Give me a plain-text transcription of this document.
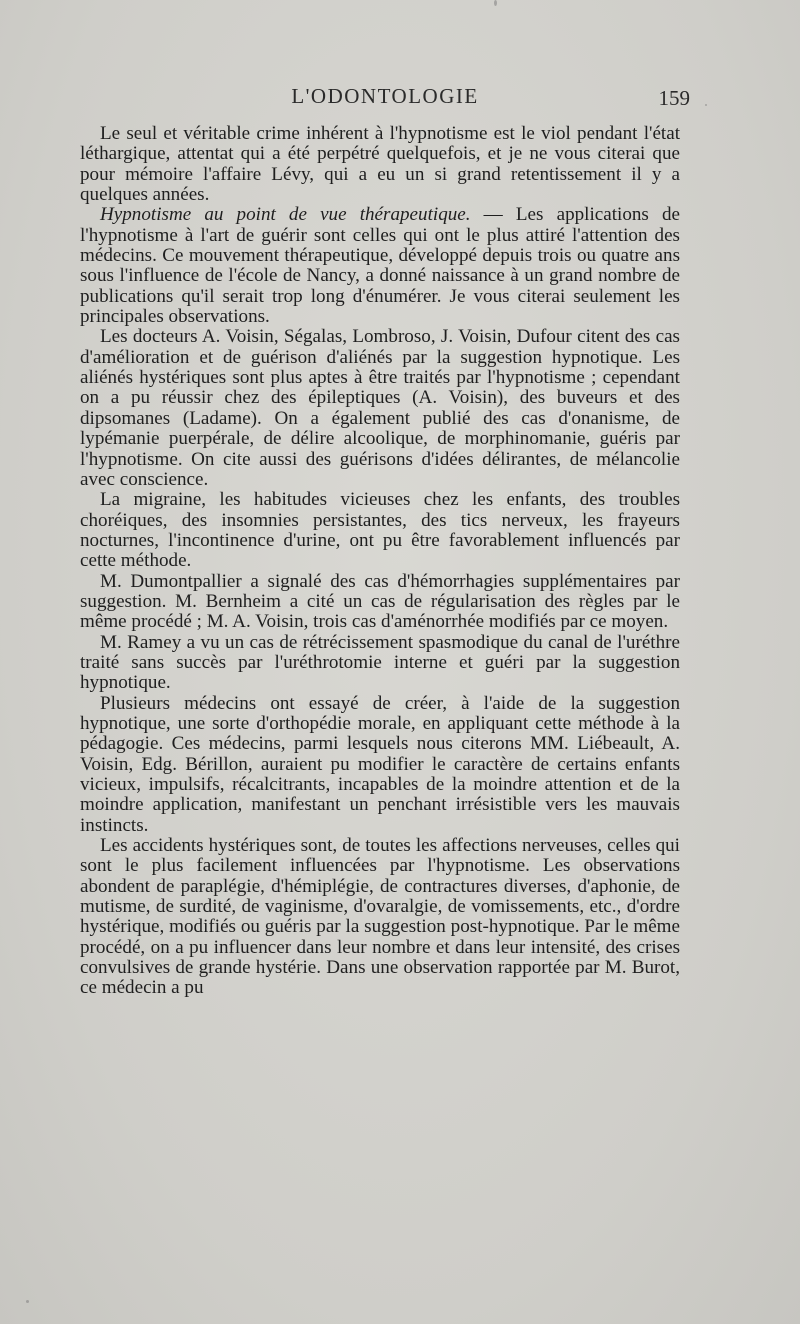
L'ODONTOLOGIE	159

Le seul et véritable crime inhérent à l'hypnotisme est le viol pendant l'état léthargique, attentat qui a été perpétré quelquefois, et je ne vous citerai que pour mémoire l'affaire Lévy, qui a eu un si grand retentissement il y a quelques années.

Hypnotisme au point de vue thérapeutique. — Les applications de l'hypnotisme à l'art de guérir sont celles qui ont le plus attiré l'attention des médecins. Ce mouvement thérapeutique, développé depuis trois ou quatre ans sous l'influence de l'école de Nancy, a donné naissance à un grand nombre de publications qu'il serait trop long d'énumérer. Je vous citerai seulement les principales observations.

Les docteurs A. Voisin, Ségalas, Lombroso, J. Voisin, Dufour citent des cas d'amélioration et de guérison d'aliénés par la suggestion hypnotique. Les aliénés hystériques sont plus aptes à être traités par l'hypnotisme ; cependant on a pu réussir chez des épileptiques (A. Voisin), des buveurs et des dipsomanes (Ladame). On a également publié des cas d'onanisme, de lypémanie puerpérale, de délire alcoolique, de morphinomanie, guéris par l'hypnotisme. On cite aussi des guérisons d'idées délirantes, de mélancolie avec conscience.

La migraine, les habitudes vicieuses chez les enfants, des troubles choréiques, des insomnies persistantes, des tics nerveux, les frayeurs nocturnes, l'incontinence d'urine, ont pu être favorablement influencés par cette méthode.

M. Dumontpallier a signalé des cas d'hémorrhagies supplémentaires par suggestion. M. Bernheim a cité un cas de régularisation des règles par le même procédé ; M. A. Voisin, trois cas d'aménorrhée modifiés par ce moyen.

M. Ramey a vu un cas de rétrécissement spasmodique du canal de l'uréthre traité sans succès par l'uréthrotomie interne et guéri par la suggestion hypnotique.

Plusieurs médecins ont essayé de créer, à l'aide de la suggestion hypnotique, une sorte d'orthopédie morale, en appliquant cette méthode à la pédagogie. Ces médecins, parmi lesquels nous citerons MM. Liébeault, A. Voisin, Edg. Bérillon, auraient pu modifier le caractère de certains enfants vicieux, impulsifs, récalcitrants, incapables de la moindre attention et de la moindre application, manifestant un penchant irrésistible vers les mauvais instincts.

Les accidents hystériques sont, de toutes les affections nerveuses, celles qui sont le plus facilement influencées par l'hypnotisme. Les observations abondent de paraplégie, d'hémiplégie, de contractures diverses, d'aphonie, de mutisme, de surdité, de vaginisme, d'ovaralgie, de vomissements, etc., d'ordre hystérique, modifiés ou guéris par la suggestion post-hypnotique. Par le même procédé, on a pu influencer dans leur nombre et dans leur intensité, des crises convulsives de grande hystérie. Dans une observation rapportée par M. Burot, ce médecin a pu
